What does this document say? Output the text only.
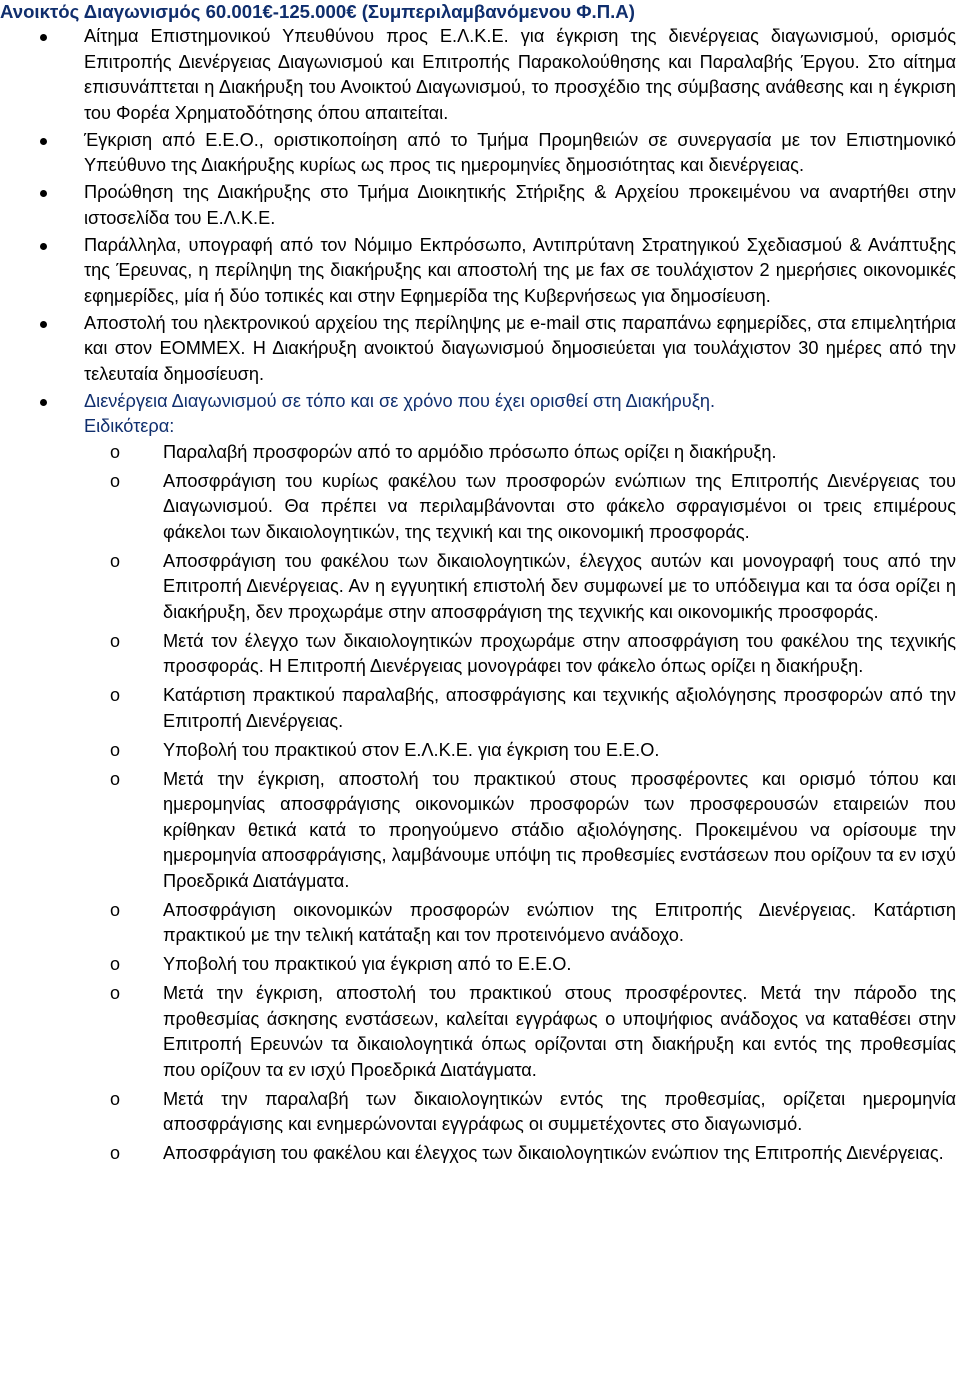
Ανοικτός Διαγωνισμός 60.001€-125.000€ (Συμπεριλαμβανόμενου Φ.Π.Α)
Αίτημα Επιστημονικού Υπευθύνου προς Ε.Λ.Κ.Ε. για έγκριση της διενέργειας διαγωνισμού, ορισμός Επιτροπής Διενέργειας Διαγωνισμού και Επιτροπής Παρακολούθησης και Παραλαβής Έργου. Στο αίτημα επισυνάπτεται η Διακήρυξη του Ανοικτού Διαγωνισμού, το προσχέδιο της σύμβασης ανάθεσης και η έγκριση του Φορέα Χρηματοδότησης όπου απαιτείται.
Έγκριση από Ε.Ε.Ο., οριστικοποίηση από το Τμήμα Προμηθειών σε συνεργασία με τον Επιστημονικό Υπεύθυνο της Διακήρυξης κυρίως ως προς τις ημερομηνίες δημοσιότητας και διενέργειας.
Προώθηση της Διακήρυξης στο Τμήμα Διοικητικής Στήριξης & Αρχείου προκειμένου να αναρτήθει στην ιστοσελίδα του Ε.Λ.Κ.Ε.
Παράλληλα, υπογραφή από τον Νόμιμο Εκπρόσωπο, Αντιπρύτανη Στρατηγικού Σχεδιασμού & Ανάπτυξης της Έρευνας, η περίληψη της διακήρυξης και αποστολή της με fax σε τουλάχιστον 2 ημερήσιες οικονομικές εφημερίδες, μία ή δύο τοπικές και στην Εφημερίδα της Κυβερνήσεως για δημοσίευση.
Αποστολή του ηλεκτρονικού αρχείου της περίληψης με e-mail στις παραπάνω εφημερίδες, στα επιμελητήρια και στον ΕΟΜΜΕΧ. Η Διακήρυξη ανοικτού διαγωνισμού δημοσιεύεται για τουλάχιστον 30 ημέρες από την τελευταία δημοσίευση.
Διενέργεια Διαγωνισμού σε τόπο και σε χρόνο που έχει ορισθεί στη Διακήρυξη.
Ειδικότερα:
o Παραλαβή προσφορών από το αρμόδιο πρόσωπο όπως ορίζει η διακήρυξη.
o Αποσφράγιση του κυρίως φακέλου των προσφορών ενώπιων της Επιτροπής Διενέργειας του Διαγωνισμού. Θα πρέπει να περιλαμβάνονται στο φάκελο σφραγισμένοι οι τρεις επιμέρους φάκελοι των δικαιολογητικών, της τεχνική και της οικονομική προσφοράς.
o Αποσφράγιση του φακέλου των δικαιολογητικών, έλεγχος αυτών και μονογραφή τους από την Επιτροπή Διενέργειας. Αν η εγγυητική επιστολή δεν συμφωνεί με το υπόδειγμα και τα όσα ορίζει η διακήρυξη, δεν προχωράμε στην αποσφράγιση της τεχνικής και οικονομικής προσφοράς.
o Μετά τον έλεγχο των δικαιολογητικών προχωράμε στην αποσφράγιση του φακέλου της τεχνικής προσφοράς. Η Επιτροπή Διενέργειας μονογράφει τον φάκελο όπως ορίζει η διακήρυξη.
o Κατάρτιση πρακτικού παραλαβής, αποσφράγισης και τεχνικής αξιολόγησης προσφορών από την Επιτροπή Διενέργειας.
o Υποβολή του πρακτικού στον Ε.Λ.Κ.Ε. για έγκριση του Ε.Ε.Ο.
o Μετά την έγκριση, αποστολή του πρακτικού στους προσφέροντες και ορισμό τόπου και ημερομηνίας αποσφράγισης οικονομικών προσφορών των προσφερουσών εταιρειών που κρίθηκαν θετικά κατά το προηγούμενο στάδιο αξιολόγησης. Προκειμένου να ορίσουμε την ημερομηνία αποσφράγισης, λαμβάνουμε υπόψη τις προθεσμίες ενστάσεων που ορίζουν τα εν ισχύ Προεδρικά Διατάγματα.
o Αποσφράγιση οικονομικών προσφορών ενώπιον της Επιτροπής Διενέργειας. Κατάρτιση πρακτικού με την τελική κατάταξη και τον προτεινόμενο ανάδοχο.
o Υποβολή του πρακτικού για έγκριση από το Ε.Ε.Ο.
o Μετά την έγκριση, αποστολή του πρακτικού στους προσφέροντες. Μετά την πάροδο της προθεσμίας άσκησης ενστάσεων, καλείται εγγράφως ο υποψήφιος ανάδοχος να καταθέσει στην Επιτροπή Ερευνών τα δικαιολογητικά όπως ορίζονται στη διακήρυξη και εντός της προθεσμίας που ορίζουν τα εν ισχύ Προεδρικά Διατάγματα.
o Μετά την παραλαβή των δικαιολογητικών εντός της προθεσμίας, ορίζεται ημερομηνία αποσφράγισης και ενημερώνονται εγγράφως οι συμμετέχοντες στο διαγωνισμό.
o Αποσφράγιση του φακέλου και έλεγχος των δικαιολογητικών ενώπιον της Επιτροπής Διενέργειας.
